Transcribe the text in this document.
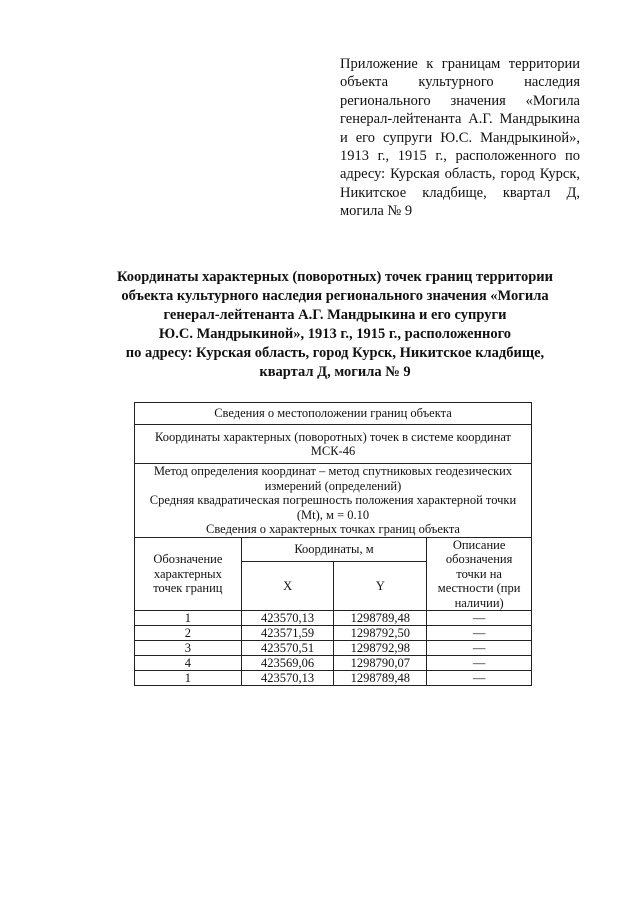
Приложение к границам территории объекта культурного наследия регионального значения «Могила генерал-лейтенанта А.Г. Мандрыкина и его супруги Ю.С. Мандрыкиной», 1913 г., 1915 г., расположенного по адресу: Курская область, город Курск, Никитское кладбище, квартал Д, могила № 9
Координаты характерных (поворотных) точек границ территории
объекта культурного наследия регионального значения «Могила
генерал-лейтенанта А.Г. Мандрыкина и его супруги
Ю.С. Мандрыкиной», 1913 г., 1915 г., расположенного
по адресу: Курская область, город Курск, Никитское кладбище,
квартал Д, могила № 9
Сведения о местоположении границ объекта			
Координаты характерных (поворотных) точек в системе координат МСК-46			

Метод определения координат – метод спутниковых геодезических измерений (определений)
Средняя квадратическая погрешность положения характерной точки (Mt), м = 0.10
Сведения о характерных точках границ объекта			

Обозначение характерных точек границ	Координаты, м		Описание обозначения точки на местности (при наличии)
	X	Y	
1	423570,13	1298789,48	—
2	423571,59	1298792,50	—
3	423570,51	1298792,98	—
4	423569,06	1298790,07	—
1	423570,13	1298789,48	—
